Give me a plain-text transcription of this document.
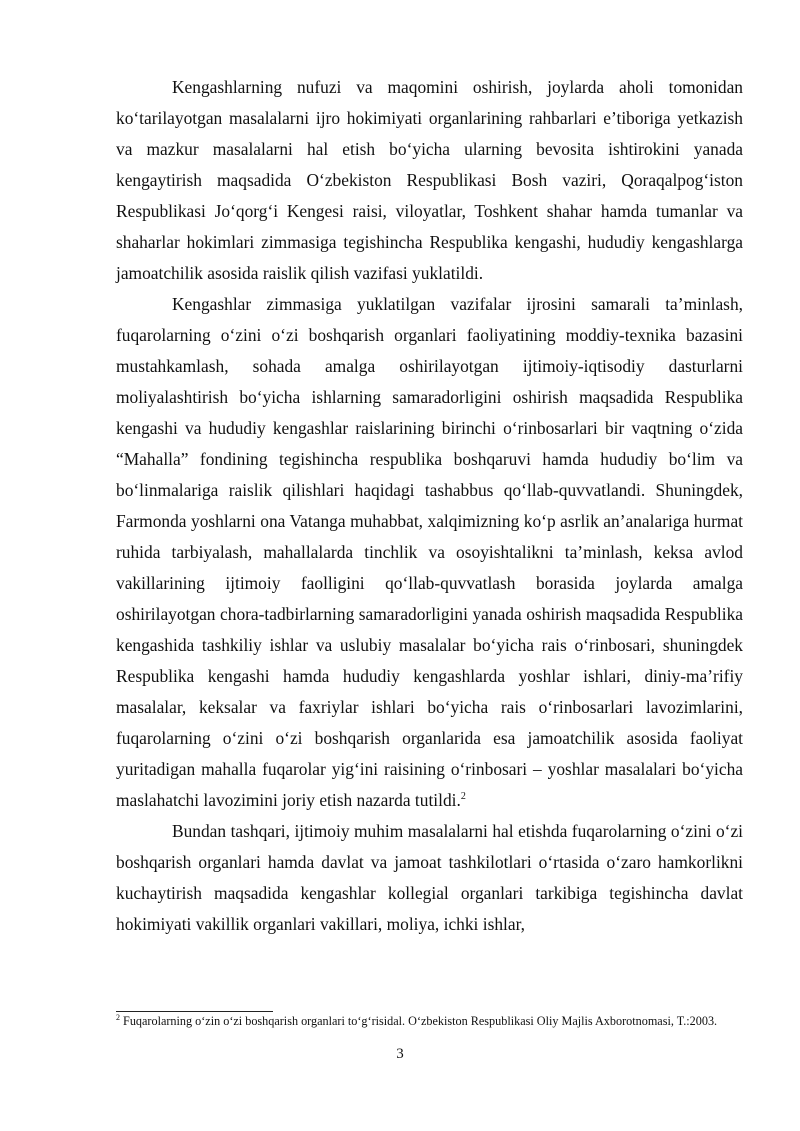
Kengashlarning nufuzi va maqomini oshirish, joylarda aholi tomonidan ko‘tarilayotgan masalalarni ijro hokimiyati organlarining rahbarlari e’tiboriga yetkazish va mazkur masalalarni hal etish bo‘yicha ularning bevosita ishtirokini yanada kengaytirish maqsadida O‘zbekiston Respublikasi Bosh vaziri, Qoraqalpog‘iston Respublikasi Jo‘qorg‘i Kengesi raisi, viloyatlar, Toshkent shahar hamda tumanlar va shaharlar hokimlari zimmasiga tegishincha Respublika kengashi, hududiy kengashlarga jamoatchilik asosida raislik qilish vazifasi yuklatildi.

Kengashlar zimmasiga yuklatilgan vazifalar ijrosini samarali ta’minlash, fuqarolarning o‘zini o‘zi boshqarish organlari faoliyatining moddiy-texnika bazasini mustahkamlash, sohada amalga oshirilayotgan ijtimoiy-iqtisodiy dasturlarni moliyalashtirish bo‘yicha ishlarning samaradorligini oshirish maqsadida Respublika kengashi va hududiy kengashlar raislarining birinchi o‘rinbosarlari bir vaqtning o‘zida “Mahalla” fondining tegishincha respublika boshqaruvi hamda hududiy bo‘lim va bo‘linmalariga raislik qilishlari haqidagi tashabbus qo‘llab-quvvatlandi. Shuningdek, Farmonda yoshlarni ona Vatanga muhabbat, xalqimizning ko‘p asrlik an’analariga hurmat ruhida tarbiyalash, mahallalarda tinchlik va osoyishtalikni ta’minlash, keksa avlod vakillarining ijtimoiy faolligini qo‘llab-quvvatlash borasida joylarda amalga oshirilayotgan chora-tadbirlarning samaradorligini yanada oshirish maqsadida Respublika kengashida tashkiliy ishlar va uslubiy masalalar bo‘yicha rais o‘rinbosari, shuningdek Respublika kengashi hamda hududiy kengashlarda yoshlar ishlari, diniy-ma’rifiy masalalar, keksalar va faxriylar ishlari bo‘yicha rais o‘rinbosarlari lavozimlarini, fuqarolarning o‘zini o‘zi boshqarish organlarida esa jamoatchilik asosida faoliyat yuritadigan mahalla fuqarolar yig‘ini raisining o‘rinbosari – yoshlar masalalari bo‘yicha maslahatchi lavozimini joriy etish nazarda tutildi.$^2$

Bundan tashqari, ijtimoiy muhim masalalarni hal etishda fuqarolarning o‘zini o‘zi boshqarish organlari hamda davlat va jamoat tashkilotlari o‘rtasida o‘zaro hamkorlikni kuchaytirish maqsadida kengashlar kollegial organlari tarkibiga tegishincha davlat hokimiyati vakillik organlari vakillari, moliya, ichki ishlar,

$^2$ Fuqarolarning o‘zin o‘zi boshqarish organlari to‘g‘risidal. O‘zbekiston Respublikasi Oliy Majlis Axborotnomasi, T.:2003.
3
